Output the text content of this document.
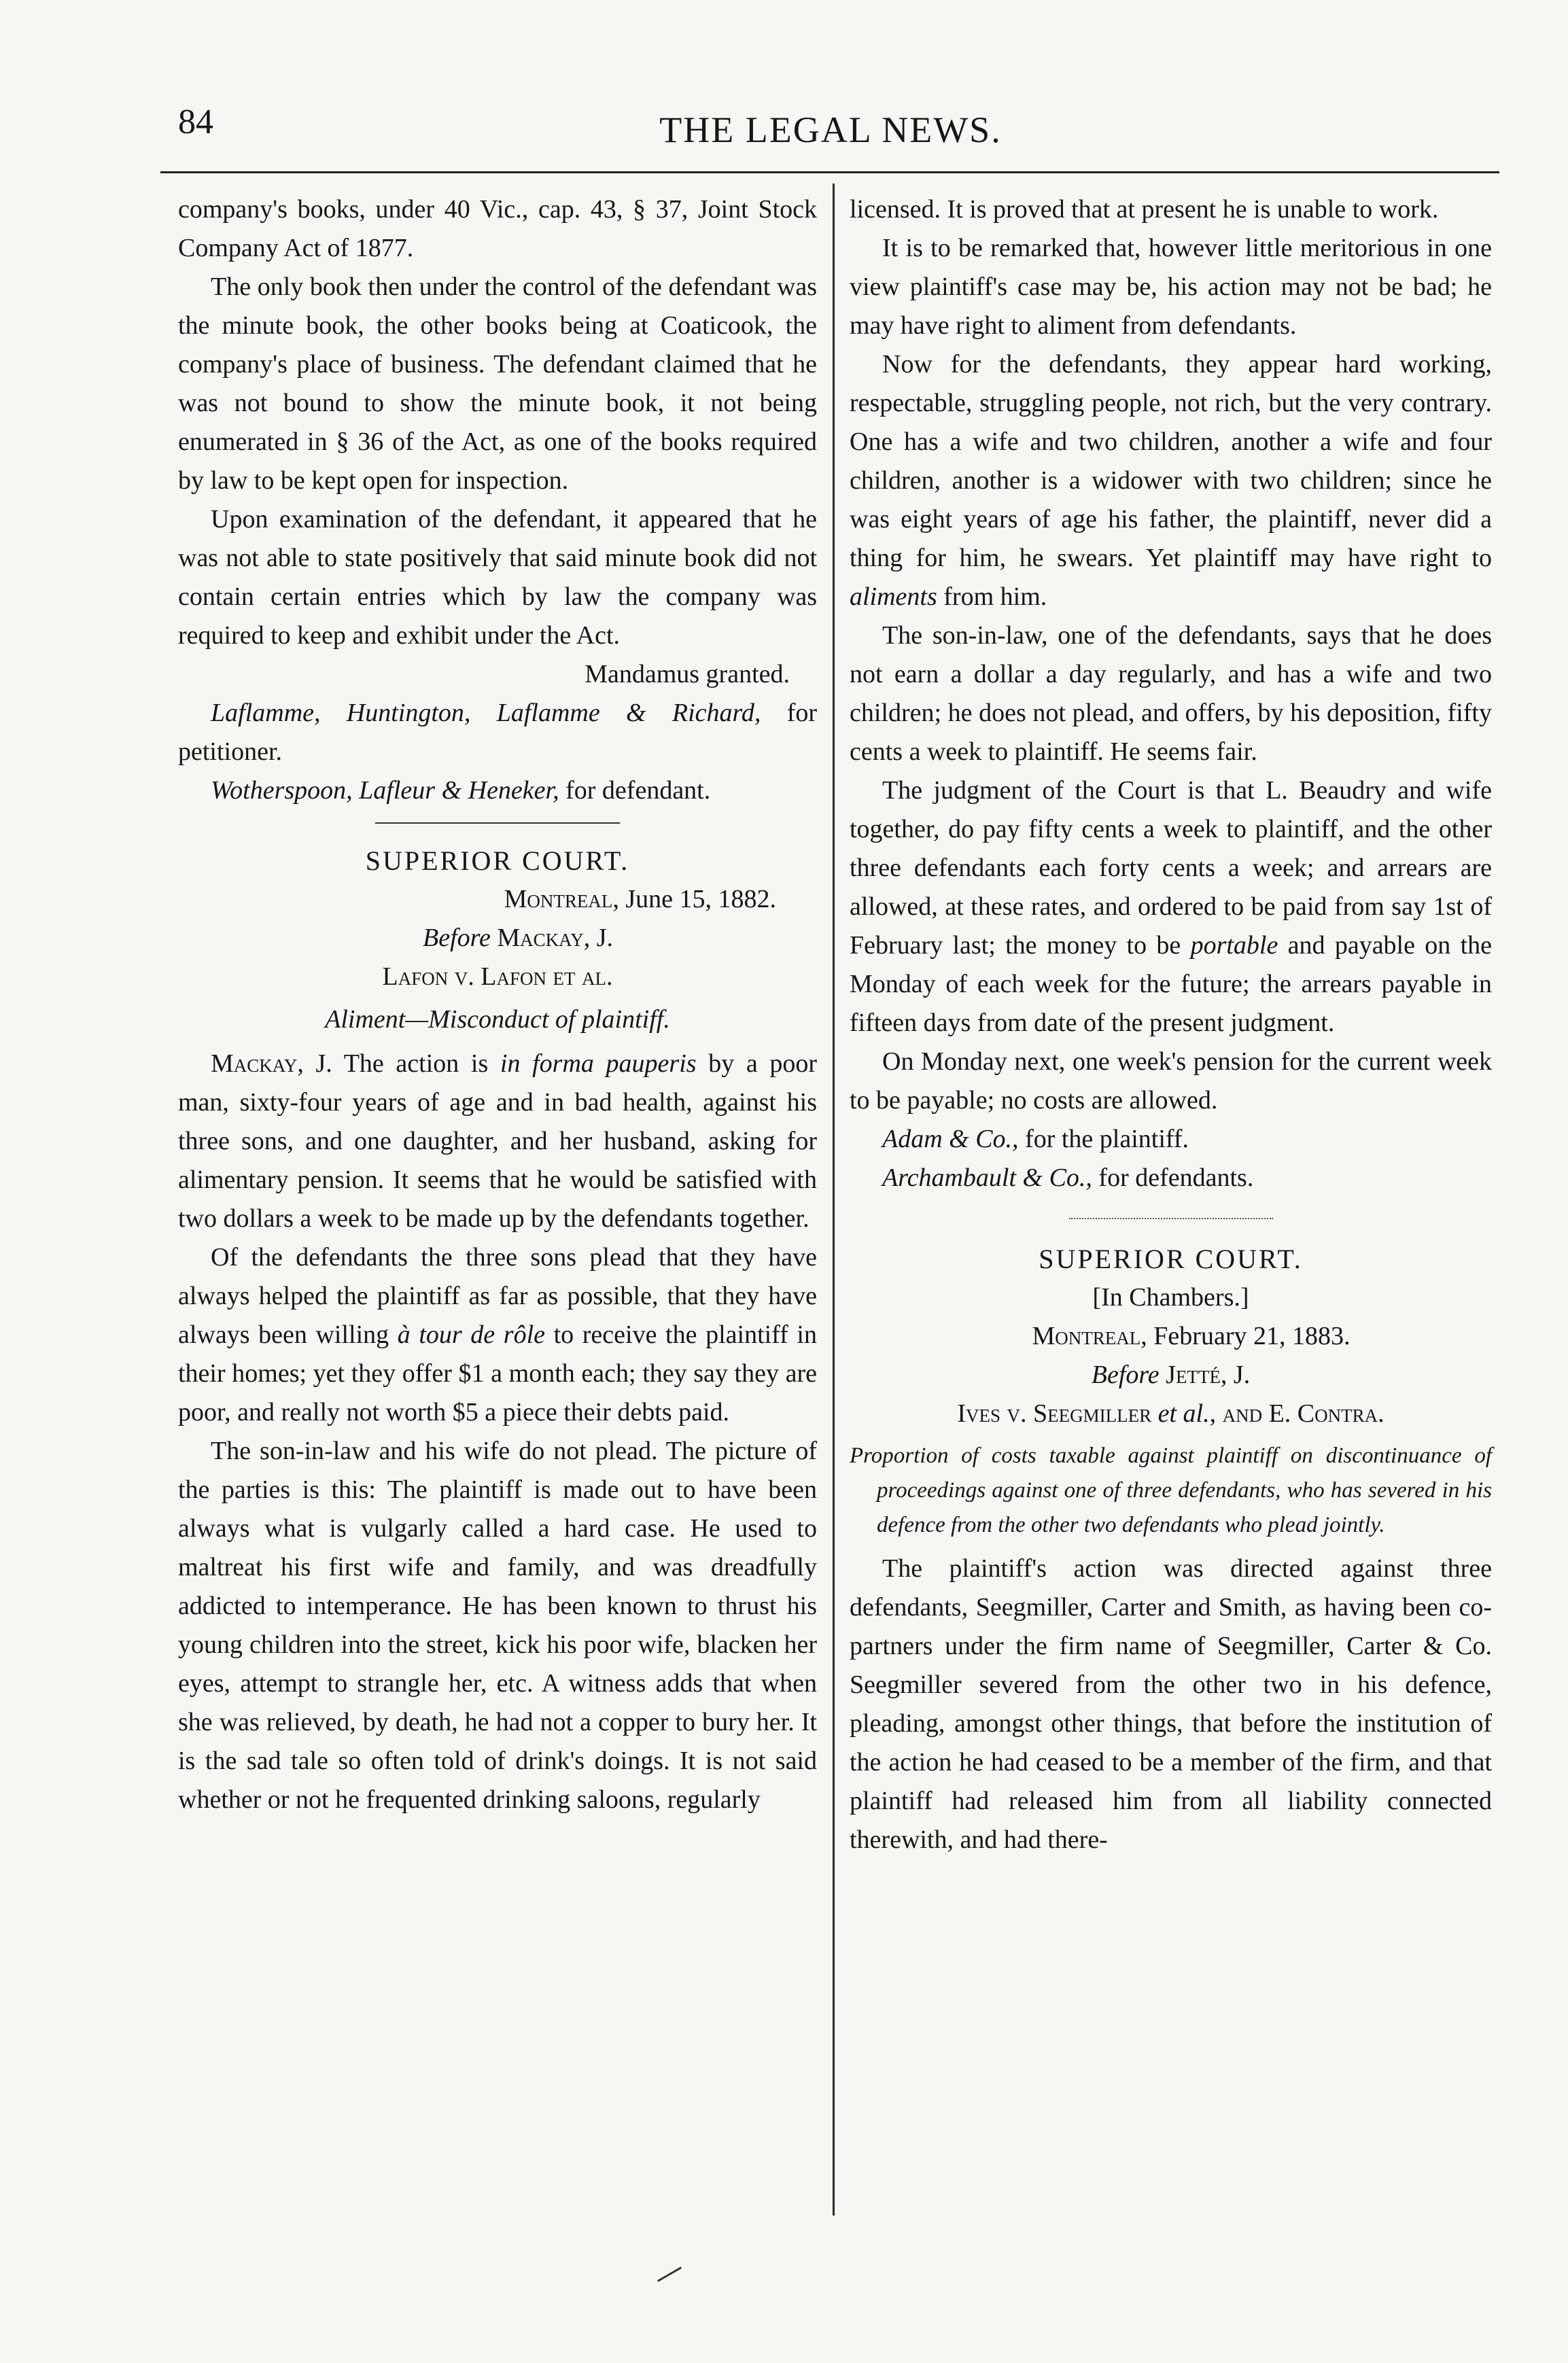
84	THE LEGAL NEWS.

company's books, under 40 Vic., cap. 43, § 37, Joint Stock Company Act of 1877.

The only book then under the control of the defendant was the minute book, the other books being at Coaticook, the company's place of business. The defendant claimed that he was not bound to show the minute book, it not being enumerated in § 36 of the Act, as one of the books required by law to be kept open for inspection.

Upon examination of the defendant, it appeared that he was not able to state positively that said minute book did not contain certain entries which by law the company was required to keep and exhibit under the Act.

Mandamus granted.

Laflamme, Huntington, Laflamme & Richard, for petitioner.

Wotherspoon, Lafleur & Heneker, for defendant.

SUPERIOR COURT.

Montreal, June 15, 1882.

Before Mackay, J.

Lafon v. Lafon et al.

Aliment—Misconduct of plaintiff.

Mackay, J. The action is in forma pauperis by a poor man, sixty-four years of age and in bad health, against his three sons, and one daughter, and her husband, asking for alimentary pension. It seems that he would be satisfied with two dollars a week to be made up by the defendants together.

Of the defendants the three sons plead that they have always helped the plaintiff as far as possible, that they have always been willing à tour de rôle to receive the plaintiff in their homes; yet they offer $1 a month each; they say they are poor, and really not worth $5 a piece their debts paid.

The son-in-law and his wife do not plead. The picture of the parties is this: The plaintiff is made out to have been always what is vulgarly called a hard case. He used to maltreat his first wife and family, and was dreadfully addicted to intemperance. He has been known to thrust his young children into the street, kick his poor wife, blacken her eyes, attempt to strangle her, etc. A witness adds that when she was relieved, by death, he had not a copper to bury her. It is the sad tale so often told of drink's doings. It is not said whether or not he frequented drinking saloons, regularly

licensed. It is proved that at present he is unable to work.

It is to be remarked that, however little meritorious in one view plaintiff's case may be, his action may not be bad; he may have right to aliment from defendants.

Now for the defendants, they appear hard working, respectable, struggling people, not rich, but the very contrary. One has a wife and two children, another a wife and four children, another is a widower with two children; since he was eight years of age his father, the plaintiff, never did a thing for him, he swears. Yet plaintiff may have right to aliments from him.

The son-in-law, one of the defendants, says that he does not earn a dollar a day regularly, and has a wife and two children; he does not plead, and offers, by his deposition, fifty cents a week to plaintiff. He seems fair.

The judgment of the Court is that L. Beaudry and wife together, do pay fifty cents a week to plaintiff, and the other three defendants each forty cents a week; and arrears are allowed, at these rates, and ordered to be paid from say 1st of February last; the money to be portable and payable on the Monday of each week for the future; the arrears payable in fifteen days from date of the present judgment.

On Monday next, one week's pension for the current week to be payable; no costs are allowed.

Adam & Co., for the plaintiff.

Archambault & Co., for defendants.

SUPERIOR COURT.

[In Chambers.]

Montreal, February 21, 1883.

Before Jetté, J.

Ives v. Seegmiller et al., and E. Contra.

Proportion of costs taxable against plaintiff on discontinuance of proceedings against one of three defendants, who has severed in his defence from the other two defendants who plead jointly.

The plaintiff's action was directed against three defendants, Seegmiller, Carter and Smith, as having been co-partners under the firm name of Seegmiller, Carter & Co. Seegmiller severed from the other two in his defence, pleading, amongst other things, that before the institution of the action he had ceased to be a member of the firm, and that plaintiff had released him from all liability connected therewith, and had there-
